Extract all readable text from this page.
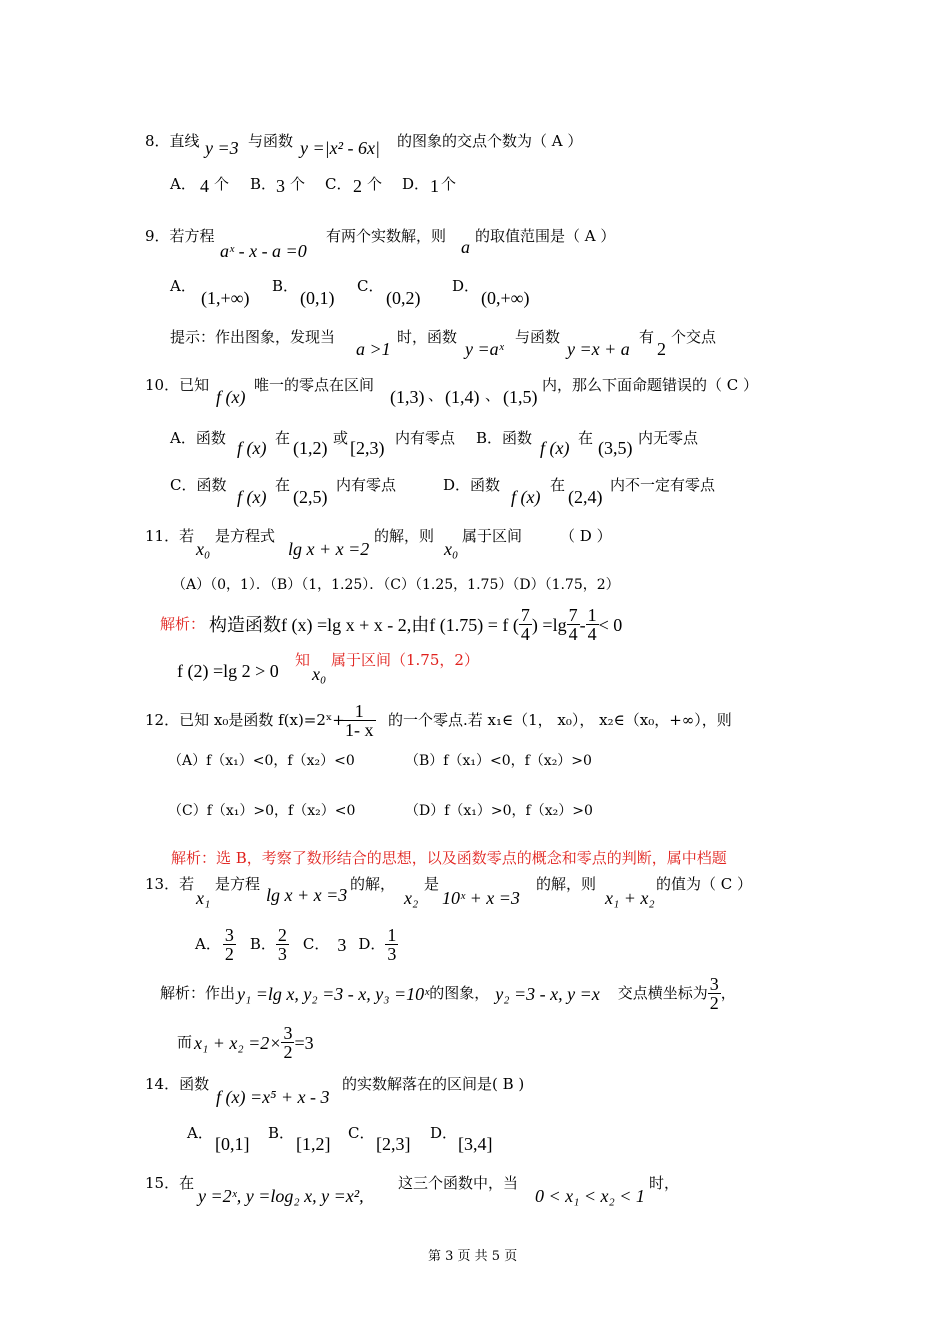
8．直线 y =3 与函数 y =|x² - 6x| 的图象的交点个数为（ A ）
A． 4 个 B． 3 个 C． 2 个 D． 1 个
9．若方程
aˣ - x - a =0
有两个实数解，则
a
的取值范围是（ A ）
A．
(1,+∞)
B．
(0,1)
C．
(0,2)
D．
(0,+∞)
提示：作出图象，发现当
a >1
时，函数
y =aˣ
与函数
y =x + a
有
2
个交点
10．已知
f (x)
唯一的零点在区间
(1,3) 、 (1,4) 、 (1,5)
内，那么下面命题错误的（ C ）
A．函数 f (x) 在 (1,2) 或 [2,3) 内有零点 B．函数 f (x) 在 (3,5) 内无零点
C．函数
f (x)
在
(2,5)
内有零点	D．函数
f (x)
在
(2,4)
内不一定有零点
11．若
x₀
是方程式
lg x + x =2
的解，则
x₀
属于区间	（ D ）
（A）（0，1）．（B）（1，1.25）．（C）（1.25，1.75）（D）（1.75，2）
解析： 构造函数f (x) =lg x + x - 2,由f (1.75) = f ( $\frac{7}{4}$ ) $=\lg \frac{7}{4} - \frac{1}{4} < 0$
f (2) =lg 2 > 0
知
x₀
属于区间（1.75，2）
12．已知 x₀是函数 f(x)=2ˣ+
$\frac{1}{1- x}$ 的一个零点.若 x₁∈（1， x₀）， x₂∈（x₀，+∞），则
（A）f（x₁）<0，f（x₂）<0	（B）f（x₁）<0，f（x₂）>0
（C）f（x₁）>0，f（x₂）<0	（D）f（x₁）>0，f（x₂）>0
解析：选 B，考察了数形结合的思想，以及函数零点的概念和零点的判断，属中档题
13．若
x₁
是方程
lg x + x =3
的解，
x₂
是
10ˣ + x =3
的解，则
x₁ + x₂
的值为（ C ）
A． $\frac{3}{2}$ B． $\frac{2}{3}$ C． 3 D． $\frac{1}{3}$
解析：作出 y₁ =lg x, y₂ =3 - x, y₃ =10ˣ 的图象， y₂ =3 - x, y =x 交点横坐标为 $\frac{3}{2}$ ，
而 $x_1 + x_2 =2\times \frac{3}{2} =3$
14．函数
f (x) =x⁵ + x - 3
的实数解落在的区间是( B )
A．
[0,1]
B．
[1,2]
C．
[2,3]
D．
[3,4]
15．在
y =2ˣ, y =log₂ x, y =x²,
这三个函数中，当
0 < x₁ < x₂ < 1
时，
第 3 页 共 5 页
